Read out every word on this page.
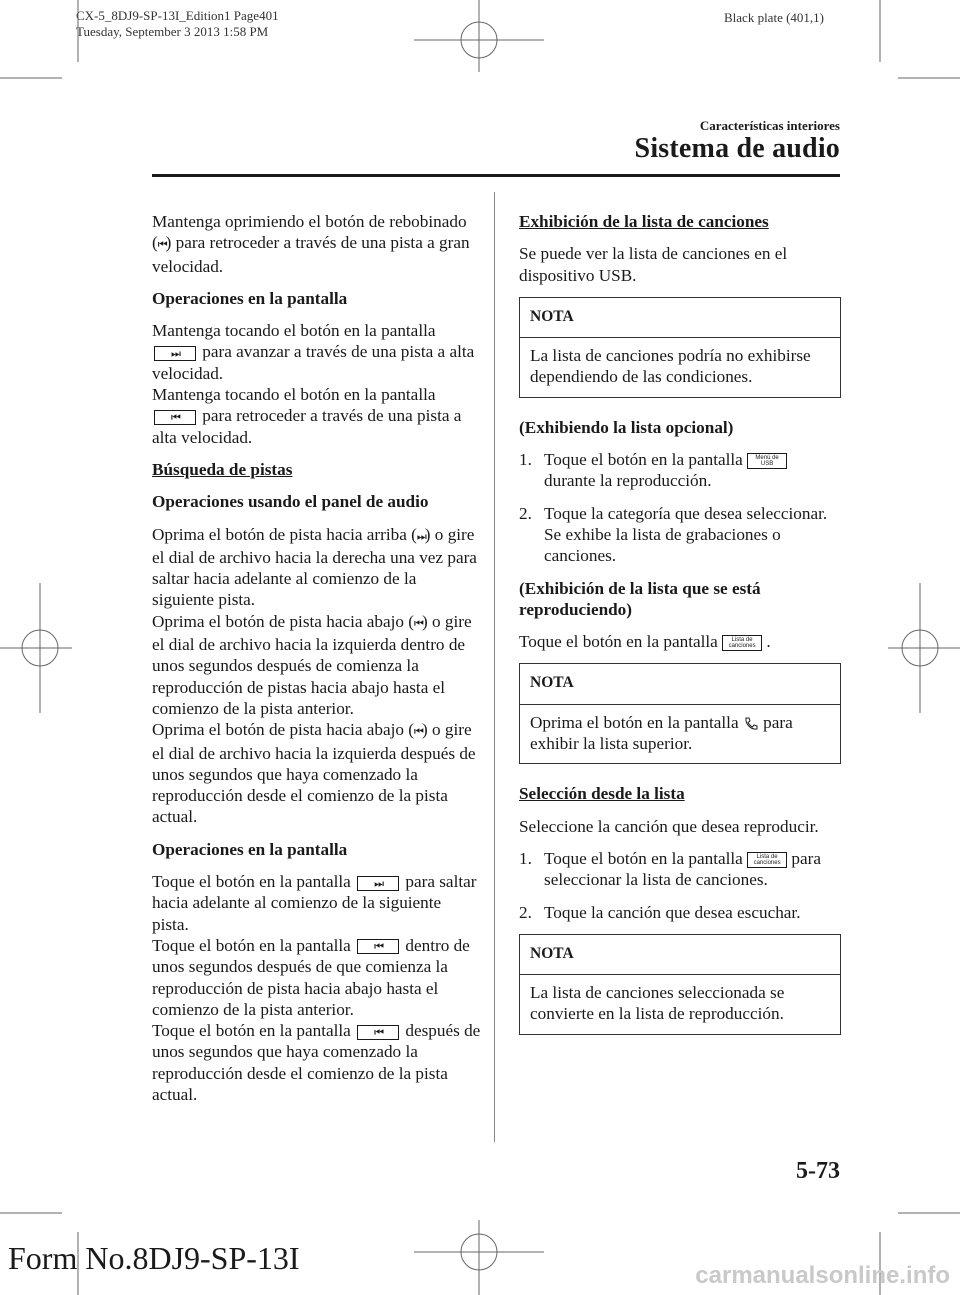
CX-5_8DJ9-SP-13I_Edition1 Page401
Tuesday, September 3 2013 1:58 PM
Black plate (401,1)
Características interiores
Sistema de audio

Mantenga oprimiendo el botón de rebobinado (⏮) para retroceder a través de una pista a gran velocidad.

Operaciones en la pantalla

Mantenga tocando el botón en la pantalla
⏭	para avanzar a través de una pista a alta velocidad.
Mantenga tocando el botón en la pantalla
⏮	para retroceder a través de una pista a alta velocidad.

Búsqueda de pistas

Operaciones usando el panel de audio

Oprima el botón de pista hacia arriba (⏭) o gire el dial de archivo hacia la derecha una vez para saltar hacia adelante al comienzo de la siguiente pista.
Oprima el botón de pista hacia abajo (⏮) o gire el dial de archivo hacia la izquierda dentro de unos segundos después de comienza la reproducción de pistas hacia abajo hasta el comienzo de la pista anterior.
Oprima el botón de pista hacia abajo (⏮) o gire el dial de archivo hacia la izquierda después de unos segundos que haya comenzado la reproducción desde el comienzo de la pista actual.

Operaciones en la pantalla

Toque el botón en la pantalla	⏭	para saltar hacia adelante al comienzo de la siguiente pista.
Toque el botón en la pantalla	⏮	dentro de unos segundos después de que comienza la reproducción de pista hacia abajo hasta el comienzo de la pista anterior.
Toque el botón en la pantalla	⏮	después de unos segundos que haya comenzado la reproducción desde el comienzo de la pista actual.

Exhibición de la lista de canciones

Se puede ver la lista de canciones en el dispositivo USB.

NOTA
La lista de canciones podría no exhibirse dependiendo de las condiciones.

(Exhibiendo la lista opcional)

1. Toque el botón en la pantalla Menú de USB durante la reproducción.
2. Toque la categoría que desea seleccionar. Se exhibe la lista de grabaciones o canciones.

(Exhibición de la lista que se está reproduciendo)

Toque el botón en la pantalla Lista de canciones .

NOTA
Oprima el botón en la pantalla para exhibir la lista superior.

Selección desde la lista

Seleccione la canción que desea reproducir.

1. Toque el botón en la pantalla Lista de canciones para seleccionar la lista de canciones.
2. Toque la canción que desea escuchar.
NOTA
La lista de canciones seleccionada se convierte en la lista de reproducción.
5-73
Form No.8DJ9-SP-13I	carmanualsonline.info
